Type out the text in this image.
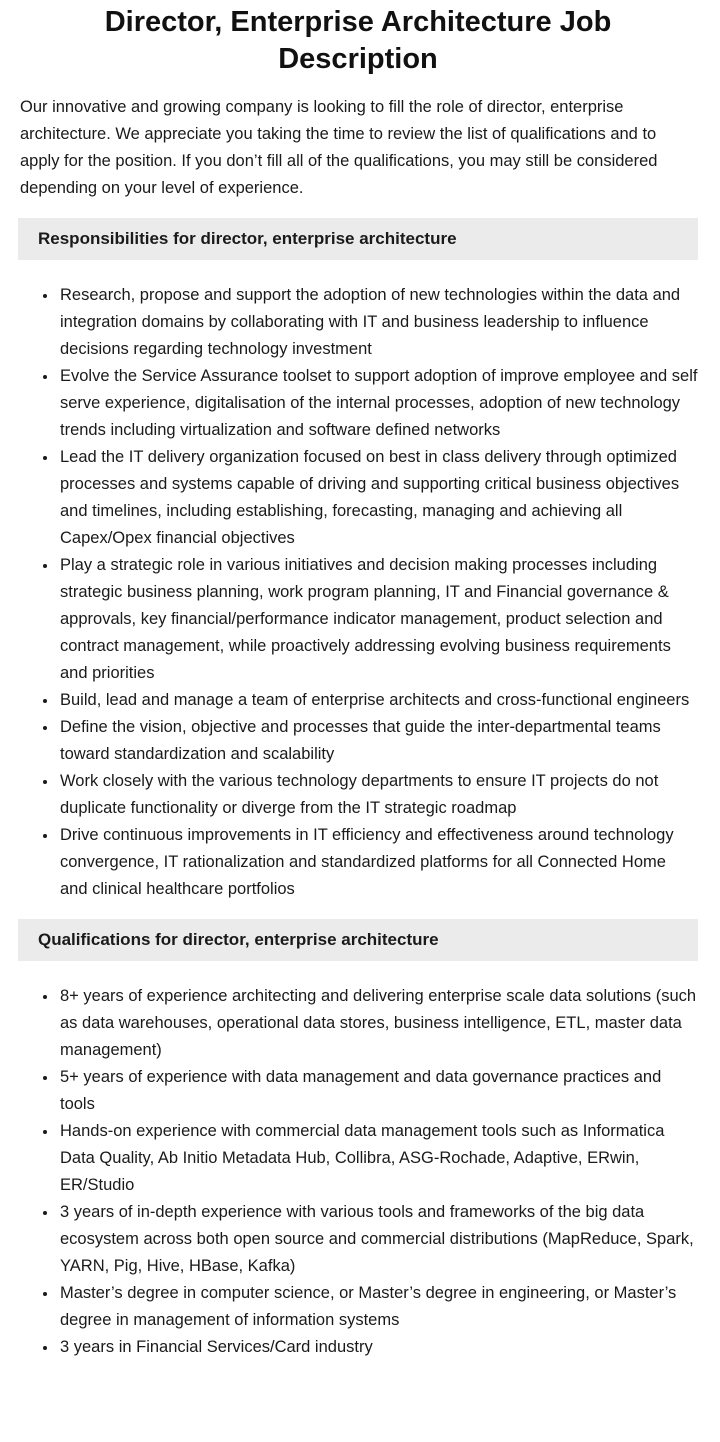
Director, Enterprise Architecture Job Description

Our innovative and growing company is looking to fill the role of director, enterprise architecture. We appreciate you taking the time to review the list of qualifications and to apply for the position. If you don’t fill all of the qualifications, you may still be considered depending on your level of experience.

Responsibilities for director, enterprise architecture
• Research, propose and support the adoption of new technologies within the data and integration domains by collaborating with IT and business leadership to influence decisions regarding technology investment
• Evolve the Service Assurance toolset to support adoption of improve employee and self serve experience, digitalisation of the internal processes, adoption of new technology trends including virtualization and software defined networks
• Lead the IT delivery organization focused on best in class delivery through optimized processes and systems capable of driving and supporting critical business objectives and timelines, including establishing, forecasting, managing and achieving all Capex/Opex financial objectives
• Play a strategic role in various initiatives and decision making processes including strategic business planning, work program planning, IT and Financial governance & approvals, key financial/performance indicator management, product selection and contract management, while proactively addressing evolving business requirements and priorities
• Build, lead and manage a team of enterprise architects and cross-functional engineers
• Define the vision, objective and processes that guide the inter-departmental teams toward standardization and scalability
• Work closely with the various technology departments to ensure IT projects do not duplicate functionality or diverge from the IT strategic roadmap
• Drive continuous improvements in IT efficiency and effectiveness around technology convergence, IT rationalization and standardized platforms for all Connected Home and clinical healthcare portfolios
Qualifications for director, enterprise architecture
• 8+ years of experience architecting and delivering enterprise scale data solutions (such as data warehouses, operational data stores, business intelligence, ETL, master data management)
• 5+ years of experience with data management and data governance practices and tools
• Hands-on experience with commercial data management tools such as Informatica Data Quality, Ab Initio Metadata Hub, Collibra, ASG-Rochade, Adaptive, ERwin, ER/Studio
• 3 years of in-depth experience with various tools and frameworks of the big data ecosystem across both open source and commercial distributions (MapReduce, Spark, YARN, Pig, Hive, HBase, Kafka)
• Master’s degree in computer science, or Master’s degree in engineering, or Master’s degree in management of information systems
• 3 years in Financial Services/Card industry
